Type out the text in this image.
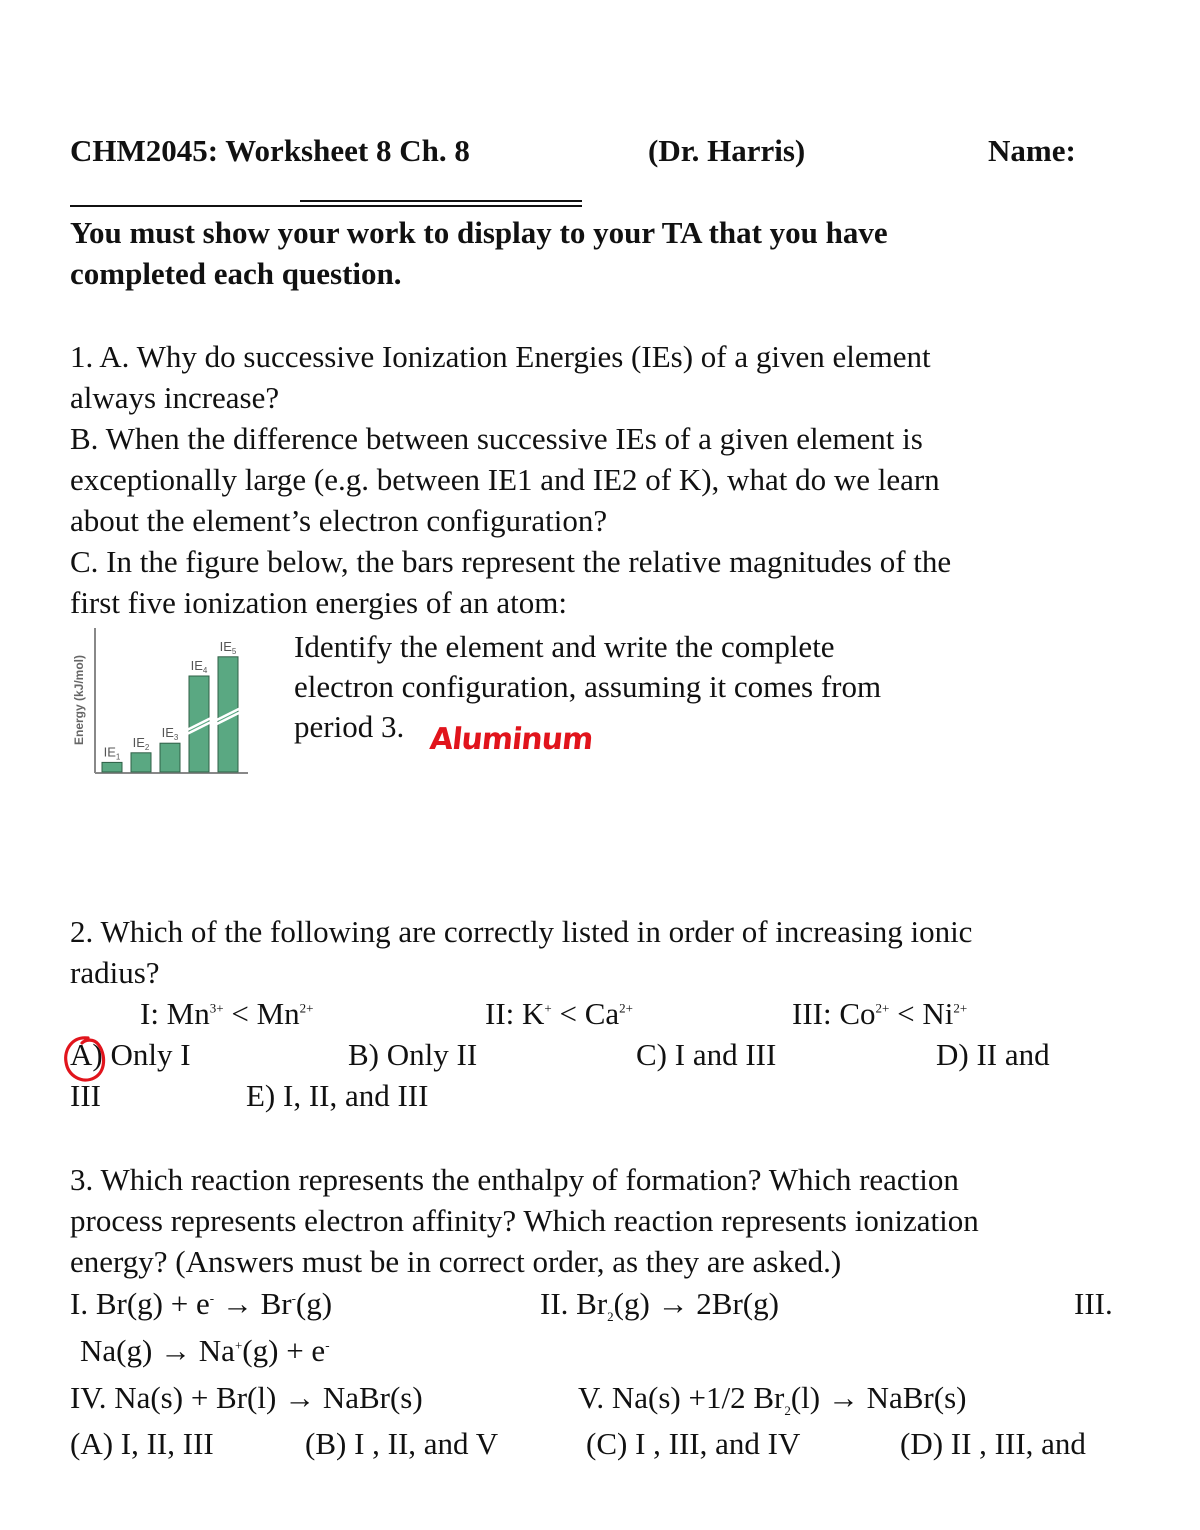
CHM2045: Worksheet 8 Ch. 8	(Dr. Harris)	Name:
You must show your work to display to your TA that you have
completed each question.
1. A. Why do successive Ionization Energies (IEs) of a given element
always increase?
B. When the difference between successive IEs of a given element is
exceptionally large (e.g. between IE1 and IE2 of K), what do we learn
about the element’s electron configuration?
C. In the figure below, the bars represent the relative magnitudes of the
first five ionization energies of an atom:
Energy (kJ/mol)
$IE_1$
$IE_2$
$IE_3$
$IE_4$
$IE_5$ Identify the element and write the complete
electron configuration, assuming it comes from
period 3. Aluminum
2. Which of the following are correctly listed in order of increasing ionic
radius?
I: $Mn^{3+} < Mn^{2+}$	II: $K^+ < Ca^{2+}$	III: $Co^{2+} < Ni^{2+}$
A) Only I	B) Only II	C) I and III	D) II and
III	E) I, II, and III
3. Which reaction represents the enthalpy of formation? Which reaction
process represents electron affinity? Which reaction represents ionization
energy? (Answers must be in correct order, as they are asked.)
I. Br(g) + e- → Br-(g)	II. $Br_2(g) \to 2Br(g)$	III.
Na(g) → Na+(g) + e-
IV. Na(s) + Br(l) → NaBr(s)	V. Na(s) +1/2 $Br_2(l)$ → NaBr(s)
(A) I, II, III	(B) I , II, and V	(C) I , III, and IV	(D) II , III, and
